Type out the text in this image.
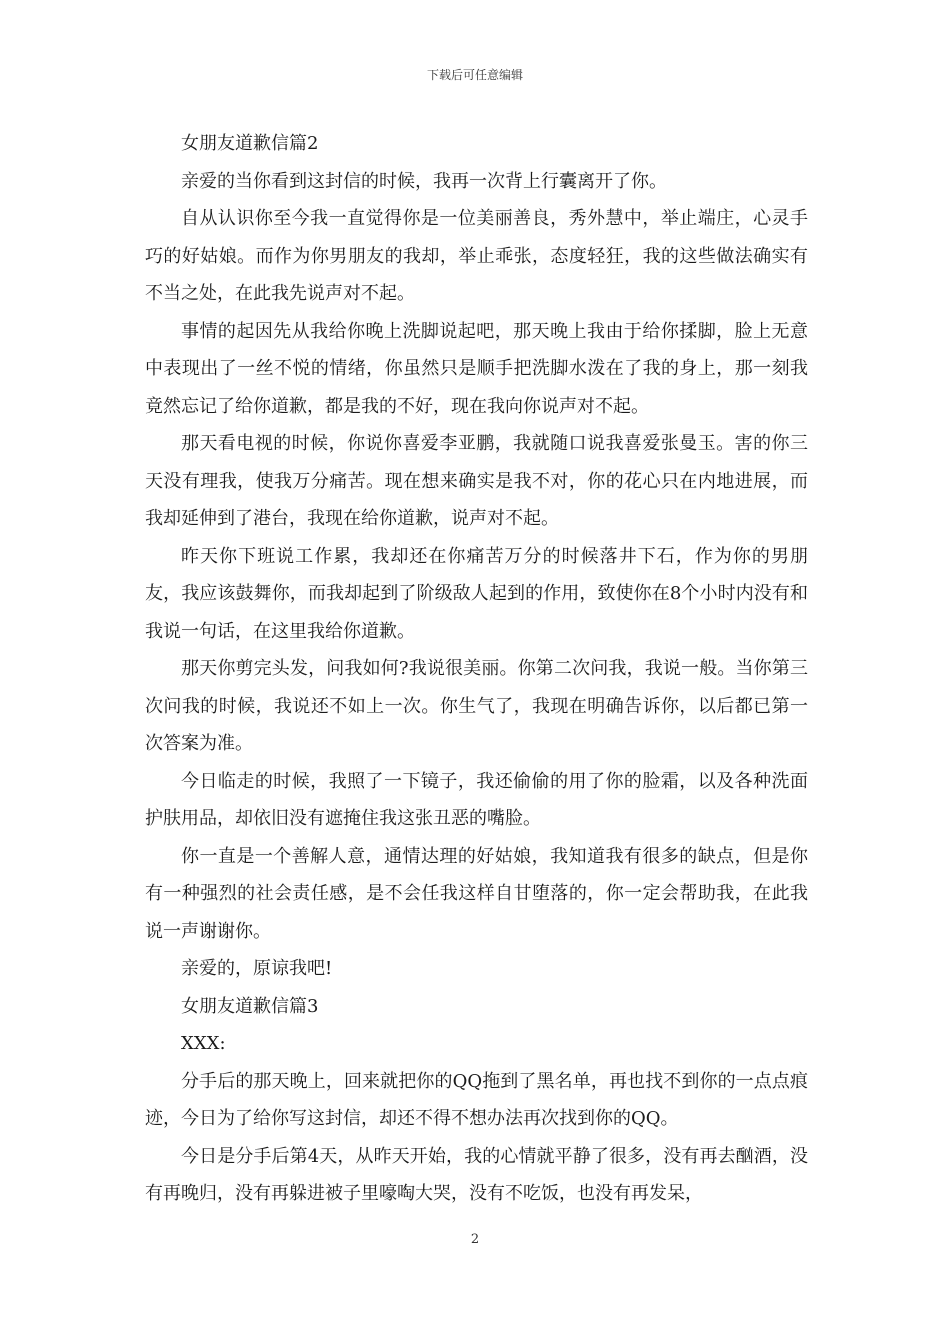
下载后可任意编辑

女朋友道歉信篇2

亲爱的当你看到这封信的时候，我再一次背上行囊离开了你。

自从认识你至今我一直觉得你是一位美丽善良，秀外慧中，举止端庄，心灵手巧的好姑娘。而作为你男朋友的我却，举止乖张，态度轻狂，我的这些做法确实有不当之处，在此我先说声对不起。

事情的起因先从我给你晚上洗脚说起吧，那天晚上我由于给你揉脚，脸上无意中表现出了一丝不悦的情绪，你虽然只是顺手把洗脚水泼在了我的身上，那一刻我竟然忘记了给你道歉，都是我的不好，现在我向你说声对不起。

那天看电视的时候，你说你喜爱李亚鹏，我就随口说我喜爱张曼玉。害的你三天没有理我，使我万分痛苦。现在想来确实是我不对，你的花心只在内地进展，而我却延伸到了港台，我现在给你道歉，说声对不起。

昨天你下班说工作累，我却还在你痛苦万分的时候落井下石，作为你的男朋友，我应该鼓舞你，而我却起到了阶级敌人起到的作用，致使你在8个小时内没有和我说一句话，在这里我给你道歉。

那天你剪完头发，问我如何?我说很美丽。你第二次问我，我说一般。当你第三次问我的时候，我说还不如上一次。你生气了，我现在明确告诉你，以后都已第一次答案为准。

今日临走的时候，我照了一下镜子，我还偷偷的用了你的脸霜，以及各种洗面护肤用品，却依旧没有遮掩住我这张丑恶的嘴脸。

你一直是一个善解人意，通情达理的好姑娘，我知道我有很多的缺点，但是你有一种强烈的社会责任感，是不会任我这样自甘堕落的，你一定会帮助我，在此我说一声谢谢你。

亲爱的，原谅我吧!

女朋友道歉信篇3

XXX:

分手后的那天晚上，回来就把你的QQ拖到了黑名单，再也找不到你的一点点痕迹，今日为了给你写这封信，却还不得不想办法再次找到你的QQ。

今日是分手后第4天，从昨天开始，我的心情就平静了很多，没有再去酗酒，没有再晚归，没有再躲进被子里嚎啕大哭，没有不吃饭，也没有再发呆，

2
